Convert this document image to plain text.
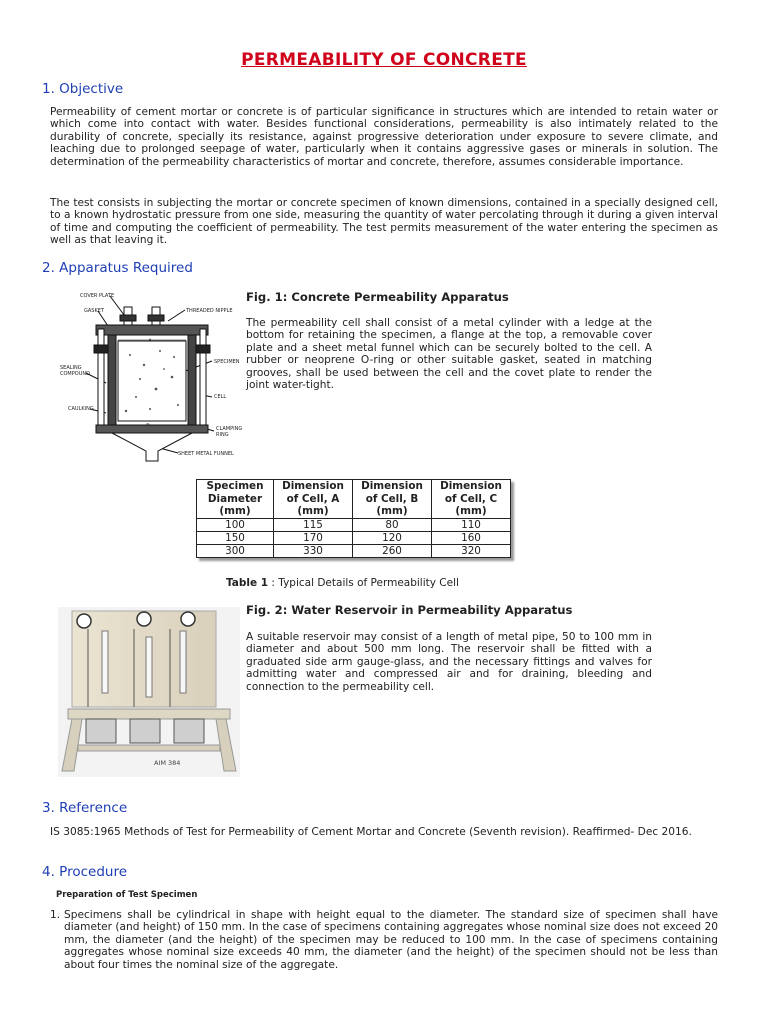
PERMEABILITY OF CONCRETE
1. Objective
Permeability of cement mortar or concrete is of particular significance in structures which are intended to retain water or which come into contact with water. Besides functional considerations, permeability is also intimately related to the durability of concrete, specially its resistance, against progressive deterioration under exposure to severe climate, and leaching due to prolonged seepage of water, particularly when it contains aggressive gases or minerals in solution. The determination of the permeability characteristics of mortar and concrete, therefore, assumes considerable importance.
The test consists in subjecting the mortar or concrete specimen of known dimensions, contained in a specially designed cell, to a known hydrostatic pressure from one side, measuring the quantity of water percolating through it during a given interval of time and computing the coefficient of permeability. The test permits measurement of the water entering the specimen as well as that leaving it.
2. Apparatus Required
COVER PLATE
GASKET	THREADED NIPPLE
SPECIMEN
SEALING
COMPOUND
CELL
CAULKING
CLAMPING
RING
SHEET METAL FUNNEL
Fig. 1: Concrete Permeability Apparatus
The permeability cell shall consist of a metal cylinder with a ledge at the bottom for retaining the specimen, a flange at the top, a removable cover plate and a sheet metal funnel which can be securely bolted to the cell. A rubber or neoprene O-ring or other suitable gasket, seated in matching grooves, shall be used between the cell and the covet plate to render the joint water-tight.
Specimen Diameter (mm)	Dimension of Cell, A (mm)	Dimension of Cell, B (mm)	Dimension of Cell, C (mm)
100	115	80	110
150	170	120	160
300	330	260	320
Table 1 : Typical Details of Permeability Cell
AIM 384
Fig. 2: Water Reservoir in Permeability Apparatus
A suitable reservoir may consist of a length of metal pipe, 50 to 100 mm in diameter and about 500 mm long. The reservoir shall be fitted with a graduated side arm gauge-glass, and the necessary fittings and valves for admitting water and compressed air and for draining, bleeding and connection to the permeability cell.
3. Reference
IS 3085:1965 Methods of Test for Permeability of Cement Mortar and Concrete (Seventh revision). Reaffirmed- Dec 2016.
4. Procedure
Preparation of Test Specimen
1. Specimens shall be cylindrical in shape with height equal to the diameter. The standard size of specimen shall have diameter (and height) of 150 mm. In the case of specimens containing aggregates whose nominal size does not exceed 20 mm, the diameter (and the height) of the specimen may be reduced to 100 mm. In the case of specimens containing aggregates whose nominal size exceeds 40 mm, the diameter (and the height) of the specimen should not be less than about four times the nominal size of the aggregate.
